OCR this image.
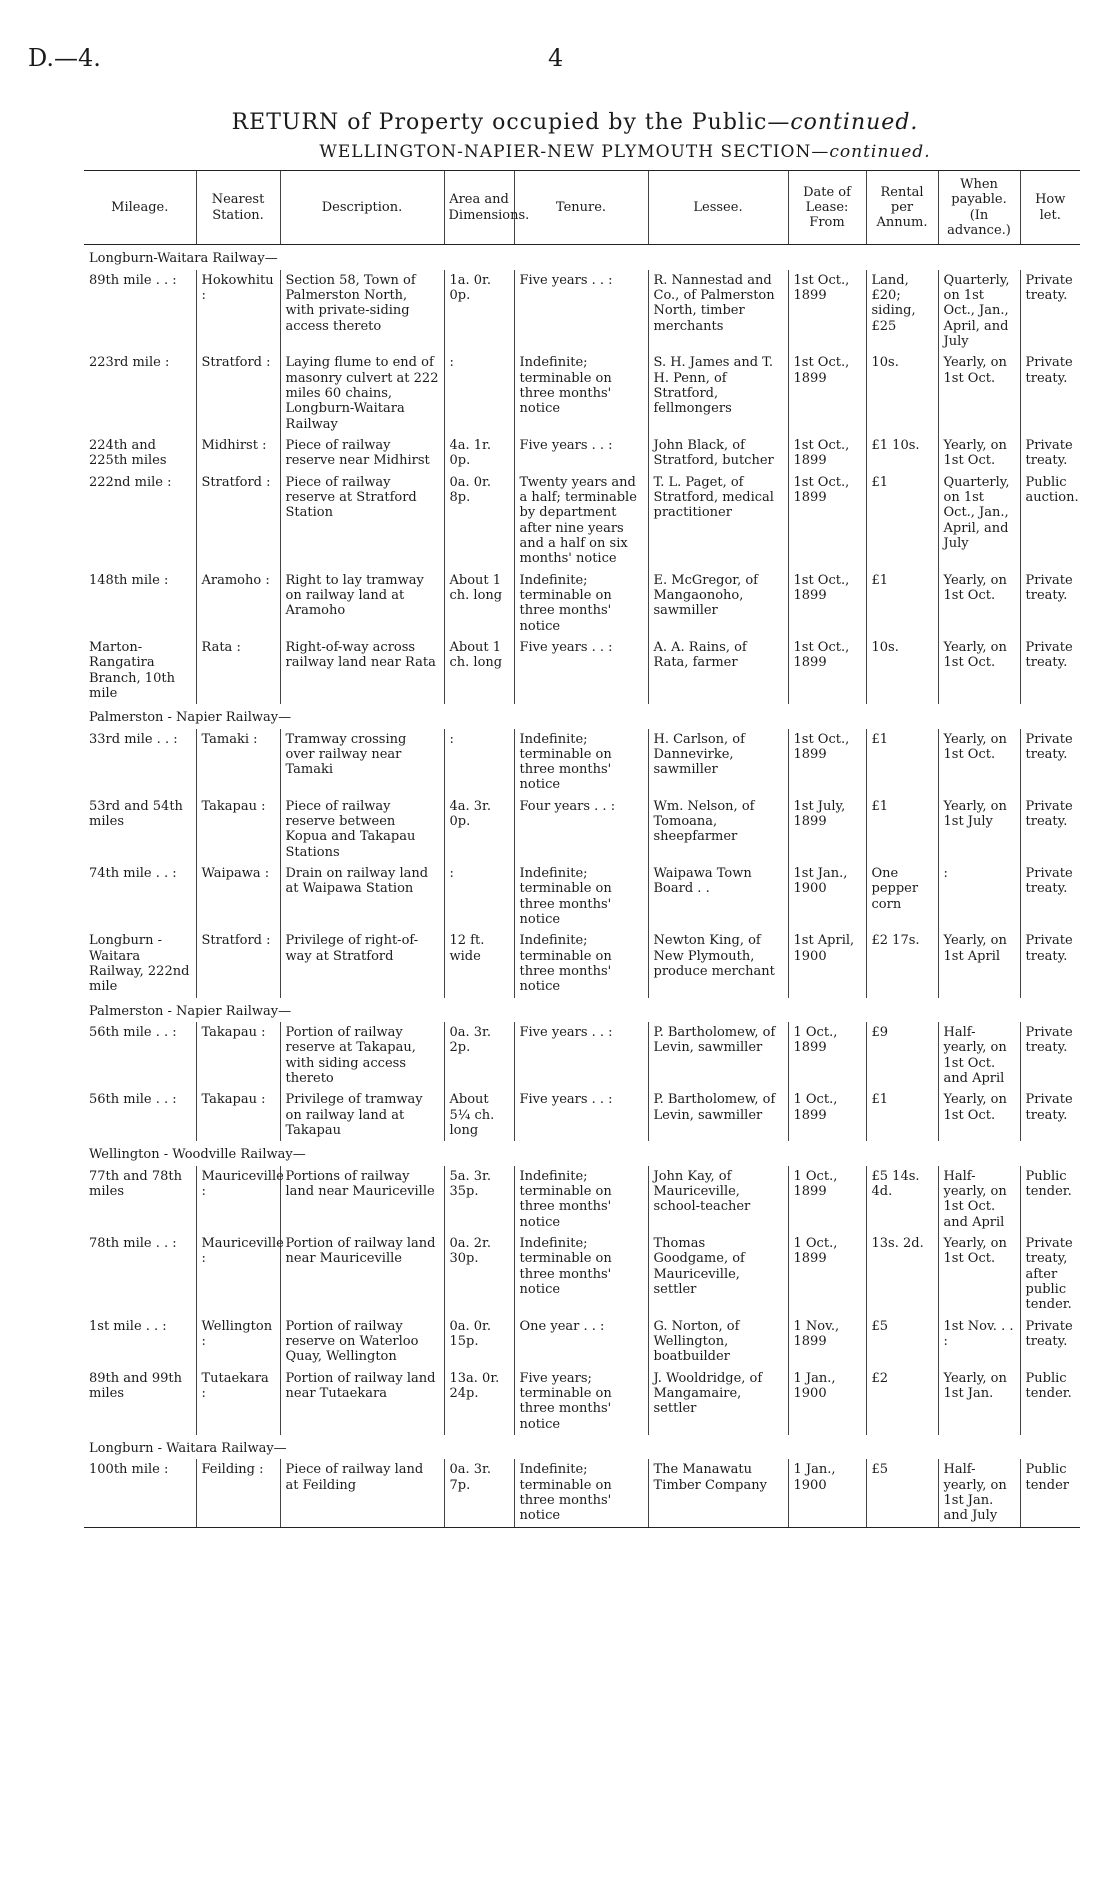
D.—4.	4
RETURN of Property occupied by the Public—continued.
WELLINGTON-NAPIER-NEW PLYMOUTH SECTION—continued.
Mileage.	Nearest Station.	Description.	Area and Dimensions.	Tenure.	Lessee.	Date of Lease: From	Rental per Annum.	When payable. (In advance.)	How let.
Longburn-Waitara Railway—									
89th mile . . :	Hokowhitu :	Section 58, Town of Palmerston North, with private-siding access thereto	1a. 0r. 0p.	Five years . . :	R. Nannestad and Co., of Palmerston North, timber merchants	1st Oct., 1899	Land, £20; siding, £25	Quarterly, on 1st Oct., Jan., April, and July	Private treaty.
223rd mile :	Stratford :	Laying flume to end of masonry culvert at 222 miles 60 chains, Longburn-Waitara Railway	:	Indefinite; terminable on three months' notice	S. H. James and T. H. Penn, of Stratford, fellmongers	1st Oct., 1899	10s.	Yearly, on 1st Oct.	Private treaty.
224th and 225th miles	Midhirst :	Piece of railway reserve near Midhirst	4a. 1r. 0p.	Five years . . :	John Black, of Stratford, butcher	1st Oct., 1899	£1 10s.	Yearly, on 1st Oct.	Private treaty.
222nd mile :	Stratford :	Piece of railway reserve at Stratford Station	0a. 0r. 8p.	Twenty years and a half; terminable by department after nine years and a half on six months' notice	T. L. Paget, of Stratford, medical practitioner	1st Oct., 1899	£1	Quarterly, on 1st Oct., Jan., April, and July	Public auction.
148th mile :	Aramoho :	Right to lay tramway on railway land at Aramoho	About 1 ch. long	Indefinite; terminable on three months' notice	E. McGregor, of Mangaonoho, sawmiller	1st Oct., 1899	£1	Yearly, on 1st Oct.	Private treaty.
Marton-Rangatira Branch, 10th mile	Rata :	Right-of-way across railway land near Rata	About 1 ch. long	Five years . . :	A. A. Rains, of Rata, farmer	1st Oct., 1899	10s.	Yearly, on 1st Oct.	Private treaty.
Palmerston - Napier Railway—									
33rd mile . . :	Tamaki :	Tramway crossing over railway near Tamaki	:	Indefinite; terminable on three months' notice	H. Carlson, of Dannevirke, sawmiller	1st Oct., 1899	£1	Yearly, on 1st Oct.	Private treaty.
53rd and 54th miles	Takapau :	Piece of railway reserve between Kopua and Takapau Stations	4a. 3r. 0p.	Four years . . :	Wm. Nelson, of Tomoana, sheepfarmer	1st July, 1899	£1	Yearly, on 1st July	Private treaty.
74th mile . . :	Waipawa :	Drain on railway land at Waipawa Station	:	Indefinite; terminable on three months' notice	Waipawa Town Board . .	1st Jan., 1900	One pepper corn	:	Private treaty.
Longburn - Waitara Railway, 222nd mile	Stratford :	Privilege of right-of-way at Stratford	12 ft. wide	Indefinite; terminable on three months' notice	Newton King, of New Plymouth, produce merchant	1st April, 1900	£2 17s.	Yearly, on 1st April	Private treaty.
Palmerston - Napier Railway—									
56th mile . . :	Takapau :	Portion of railway reserve at Takapau, with siding access thereto	0a. 3r. 2p.	Five years . . :	P. Bartholomew, of Levin, sawmiller	1 Oct., 1899	£9	Half-yearly, on 1st Oct. and April	Private treaty.
56th mile . . :	Takapau :	Privilege of tramway on railway land at Takapau	About 5¼ ch. long	Five years . . :	P. Bartholomew, of Levin, sawmiller	1 Oct., 1899	£1	Yearly, on 1st Oct.	Private treaty.
Wellington - Woodville Railway—									
77th and 78th miles	Mauriceville :	Portions of railway land near Mauriceville	5a. 3r. 35p.	Indefinite; terminable on three months' notice	John Kay, of Mauriceville, school-teacher	1 Oct., 1899	£5 14s. 4d.	Half-yearly, on 1st Oct. and April	Public tender.
78th mile . . :	Mauriceville :	Portion of railway land near Mauriceville	0a. 2r. 30p.	Indefinite; terminable on three months' notice	Thomas Goodgame, of Mauriceville, settler	1 Oct., 1899	13s. 2d.	Yearly, on 1st Oct.	Private treaty, after public tender.
1st mile . . :	Wellington :	Portion of railway reserve on Waterloo Quay, Wellington	0a. 0r. 15p.	One year . . :	G. Norton, of Wellington, boatbuilder	1 Nov., 1899	£5	1st Nov. . . :	Private treaty.
89th and 99th miles	Tutaekara :	Portion of railway land near Tutaekara	13a. 0r. 24p.	Five years; terminable on three months' notice	J. Wooldridge, of Mangamaire, settler	1 Jan., 1900	£2	Yearly, on 1st Jan.	Public tender.
Longburn - Waitara Railway—									
100th mile :	Feilding :	Piece of railway land at Feilding	0a. 3r. 7p.	Indefinite; terminable on three months' notice	The Manawatu Timber Company	1 Jan., 1900	£5	Half-yearly, on 1st Jan. and July	Public tender
